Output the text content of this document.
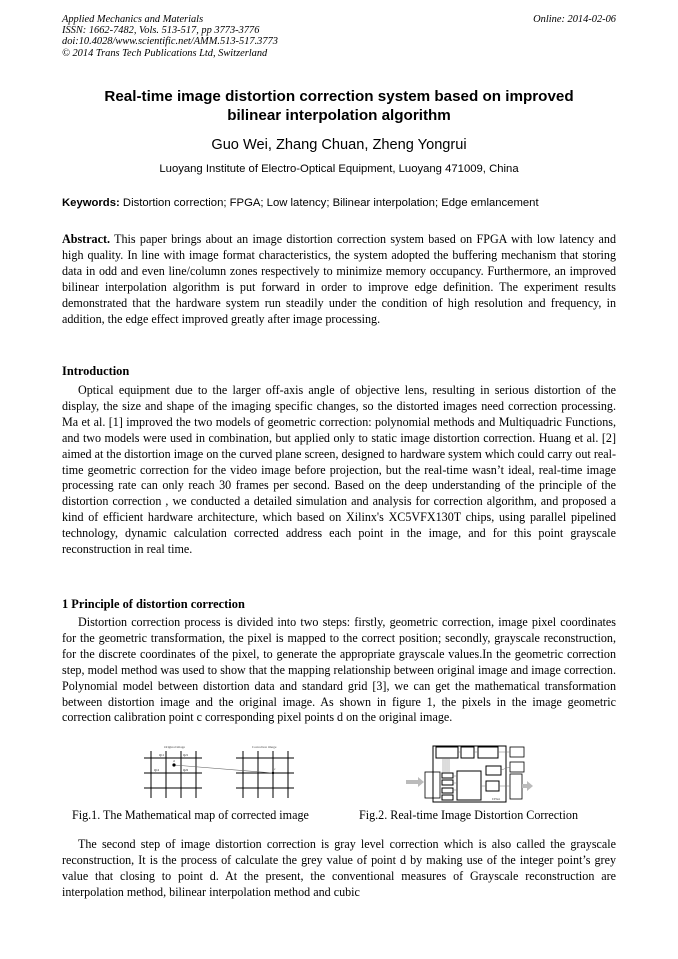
Applied Mechanics and Materials
ISSN: 1662-7482, Vols. 513-517, pp 3773-3776
doi:10.4028/www.scientific.net/AMM.513-517.3773
© 2014 Trans Tech Publications Ltd, Switzerland
Online: 2014-02-06
Real-time image distortion correction system based on improved
bilinear interpolation algorithm
Guo Wei, Zhang Chuan, Zheng Yongrui
Luoyang Institute of Electro-Optical Equipment, Luoyang 471009, China
Keywords: Distortion correction; FPGA; Low latency; Bilinear interpolation; Edge emlancement

Abstract. This paper brings about an image distortion correction system based on FPGA with low latency and high quality. In line with image format characteristics, the system adopted the buffering mechanism that storing data in odd and even line/column zones respectively to minimize memory occupancy. Furthermore, an improved bilinear interpolation algorithm is put forward in order to improve edge definition. The experiment results demonstrated that the hardware system run steadily under the condition of high resolution and frequency, in addition, the edge effect improved greatly after image processing.

Introduction

Optical equipment due to the larger off-axis angle of objective lens, resulting in serious distortion of the display, the size and shape of the imaging specific changes, so the distorted images need correction processing. Ma et al. [1] improved the two models of geometric correction: polynomial methods and Multiquadric Functions, and two models were used in combination, but applied only to static image distortion correction. Huang et al. [2] aimed at the distortion image on the curved plane screen, designed to hardware system which could carry out real-time geometric correction for the video image before projection, but the real-time wasn’t ideal, real-time image processing rate can only reach 30 frames per second. Based on the deep understanding of the principle of the distortion correction , we conducted a detailed simulation and analysis for correction algorithm, and proposed a kind of efficient hardware architecture, which based on Xilinx's XC5VFX130T chips, using parallel pipelined technology, dynamic calculation corrected address each point in the image, and for this point grayscale reconstruction in real time.

1 Principle of distortion correction

Distortion correction process is divided into two steps: firstly, geometric correction, image pixel coordinates for the geometric transformation, the pixel is mapped to the correct position; secondly, grayscale reconstruction, for the discrete coordinates of the pixel, to generate the appropriate grayscale values.In the geometric correction step, model method was used to show that the mapping relationship between original image and image correction. Polynomial model between distortion data and standard grid [3], we can get the mathematical transformation between distortion image and the original image. As shown in figure 1, the pixels in the image geometric correction calibration point c corresponding pixel points d on the original image.

Original image	Correction image
Q11	Q21
Q12	Q22
d
c
FPGA
Fig.1. The Mathematical map of corrected image	Fig.2. Real-time Image Distortion Correction

The second step of image distortion correction is gray level correction which is also called the grayscale reconstruction, It is the process of calculate the grey value of point d by making use of the integer point’s grey value that closing to point d. At the present, the conventional measures of Grayscale reconstruction are interpolation method, bilinear interpolation method and cubic
